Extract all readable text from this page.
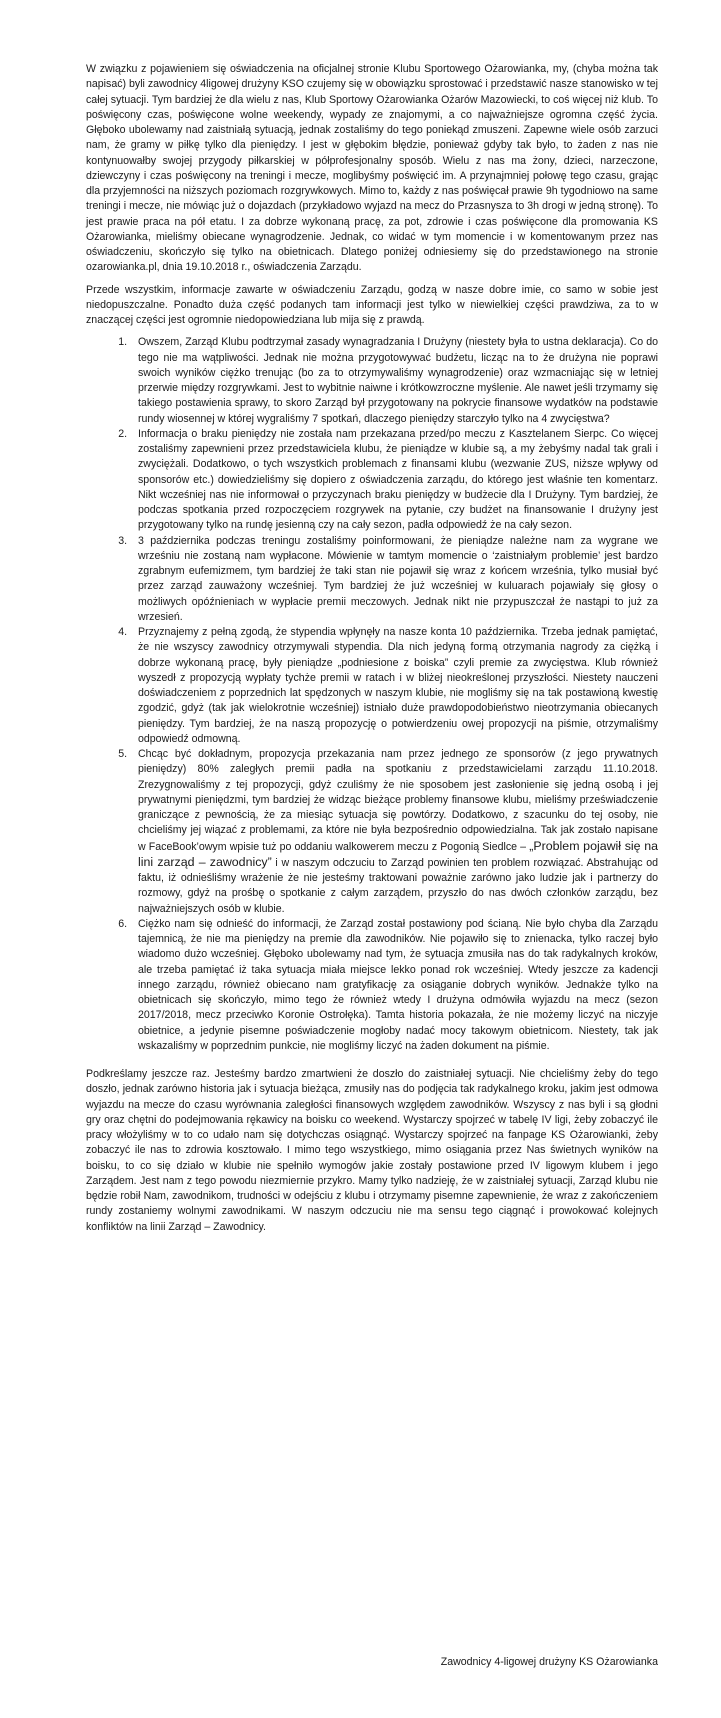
W związku z pojawieniem się oświadczenia na oficjalnej stronie Klubu Sportowego Ożarowianka, my, (chyba można tak napisać) byli zawodnicy 4ligowej drużyny KSO czujemy się w obowiązku sprostować i przedstawić nasze stanowisko w tej całej sytuacji. Tym bardziej że dla wielu z nas, Klub Sportowy Ożarowianka Ożarów Mazowiecki, to coś więcej niż klub. To poświęcony czas, poświęcone wolne weekendy, wypady ze znajomymi, a co najważniejsze ogromna część życia. Głęboko ubolewamy nad zaistniałą sytuacją, jednak zostaliśmy do tego poniekąd zmuszeni. Zapewne wiele osób zarzuci nam, że gramy w piłkę tylko dla pieniędzy. I jest w głębokim błędzie, ponieważ gdyby tak było, to żaden z nas nie kontynuowałby swojej przygody piłkarskiej w półprofesjonalny sposób. Wielu z nas ma żony, dzieci, narzeczone, dziewczyny i czas poświęcony na treningi i mecze, moglibyśmy poświęcić im. A przynajmniej połowę tego czasu, grając dla przyjemności na niższych poziomach rozgrywkowych. Mimo to, każdy z nas poświęcał prawie 9h tygodniowo na same treningi i mecze, nie mówiąc już o dojazdach (przykładowo wyjazd na mecz do Przasnysza to 3h drogi w jedną stronę). To jest prawie praca na pół etatu. I za dobrze wykonaną pracę, za pot, zdrowie i czas poświęcone dla promowania KS Ożarowianka, mieliśmy obiecane wynagrodzenie. Jednak, co widać w tym momencie i w komentowanym przez nas oświadczeniu, skończyło się tylko na obietnicach. Dlatego poniżej odniesiemy się do przedstawionego na stronie ozarowianka.pl, dnia 19.10.2018 r., oświadczenia Zarządu.

Przede wszystkim, informacje zawarte w oświadczeniu Zarządu, godzą w nasze dobre imie, co samo w sobie jest niedopuszczalne. Ponadto duża część podanych tam informacji jest tylko w niewielkiej części prawdziwa, za to w znaczącej części jest ogromnie niedopowiedziana lub mija się z prawdą.

1. Owszem, Zarząd Klubu podtrzymał zasady wynagradzania I Drużyny (niestety była to ustna deklaracja). Co do tego nie ma wątpliwości. Jednak nie można przygotowywać budżetu, licząc na to że drużyna nie poprawi swoich wyników ciężko trenując (bo za to otrzymywaliśmy wynagrodzenie) oraz wzmacniając się w letniej przerwie między rozgrywkami. Jest to wybitnie naiwne i krótkowzroczne myślenie. Ale nawet jeśli trzymamy się takiego postawienia sprawy, to skoro Zarząd był przygotowany na pokrycie finansowe wydatków na podstawie rundy wiosennej w której wygraliśmy 7 spotkań, dlaczego pieniędzy starczyło tylko na 4 zwycięstwa?
2. Informacja o braku pieniędzy nie została nam przekazana przed/po meczu z Kasztelanem Sierpc. Co więcej zostaliśmy zapewnieni przez przedstawiciela klubu, że pieniądze w klubie są, a my żebyśmy nadal tak grali i zwyciężali. Dodatkowo, o tych wszystkich problemach z finansami klubu (wezwanie ZUS, niższe wpływy od sponsorów etc.) dowiedzieliśmy się dopiero z oświadczenia zarządu, do którego jest właśnie ten komentarz. Nikt wcześniej nas nie informował o przyczynach braku pieniędzy w budżecie dla I Drużyny. Tym bardziej, że podczas spotkania przed rozpoczęciem rozgrywek na pytanie, czy budżet na finansowanie I drużyny jest przygotowany tylko na rundę jesienną czy na cały sezon, padła odpowiedź że na cały sezon.
3. 3 października podczas treningu zostaliśmy poinformowani, że pieniądze należne nam za wygrane we wrześniu nie zostaną nam wypłacone. Mówienie w tamtym momencie o ‘zaistniałym problemie’ jest bardzo zgrabnym eufemizmem, tym bardziej że taki stan nie pojawił się wraz z końcem września, tylko musiał być przez zarząd zauważony wcześniej. Tym bardziej że już wcześniej w kuluarach pojawiały się głosy o możliwych opóźnieniach w wypłacie premii meczowych. Jednak nikt nie przypuszczał że nastąpi to już za wrzesień.
4. Przyznajemy z pełną zgodą, że stypendia wpłynęły na nasze konta 10 października. Trzeba jednak pamiętać, że nie wszyscy zawodnicy otrzymywali stypendia. Dla nich jedyną formą otrzymania nagrody za ciężką i dobrze wykonaną pracę, były pieniądze „podniesione z boiska” czyli premie za zwycięstwa. Klub również wyszedł z propozycją wypłaty tychże premii w ratach i w bliżej nieokreślonej przyszłości. Niestety nauczeni doświadczeniem z poprzednich lat spędzonych w naszym klubie, nie mogliśmy się na tak postawioną kwestię zgodzić, gdyż (tak jak wielokrotnie wcześniej) istniało duże prawdopodobieństwo nieotrzymania obiecanych pieniędzy. Tym bardziej, że na naszą propozycję o potwierdzeniu owej propozycji na piśmie, otrzymaliśmy odpowiedź odmowną.
5. Chcąc być dokładnym, propozycja przekazania nam przez jednego ze sponsorów (z jego prywatnych pieniędzy) 80% zaległych premii padła na spotkaniu z przedstawicielami zarządu 11.10.2018. Zrezygnowaliśmy z tej propozycji, gdyż czuliśmy że nie sposobem jest zasłonienie się jedną osobą i jej prywatnymi pieniędzmi, tym bardziej że widząc bieżące problemy finansowe klubu, mieliśmy przeświadczenie graniczące z pewnością, że za miesiąc sytuacja się powtórzy. Dodatkowo, z szacunku do tej osoby, nie chcieliśmy jej wiązać z problemami, za które nie była bezpośrednio odpowiedzialna. Tak jak zostało napisane w FaceBook’owym wpisie tuż po oddaniu walkowerem meczu z Pogonią Siedlce – „Problem pojawił się na lini zarząd – zawodnicy” i w naszym odczuciu to Zarząd powinien ten problem rozwiązać. Abstrahując od faktu, iż odnieśliśmy wrażenie że nie jesteśmy traktowani poważnie zarówno jako ludzie jak i partnerzy do rozmowy, gdyż na prośbę o spotkanie z całym zarządem, przyszło do nas dwóch członków zarządu, bez najważniejszych osób w klubie.
6. Ciężko nam się odnieść do informacji, że Zarząd został postawiony pod ścianą. Nie było chyba dla Zarządu tajemnicą, że nie ma pieniędzy na premie dla zawodników. Nie pojawiło się to znienacka, tylko raczej było wiadomo dużo wcześniej. Głęboko ubolewamy nad tym, że sytuacja zmusiła nas do tak radykalnych kroków, ale trzeba pamiętać iż taka sytuacja miała miejsce lekko ponad rok wcześniej. Wtedy jeszcze za kadencji innego zarządu, również obiecano nam gratyfikację za osiąganie dobrych wyników. Jednakże tylko na obietnicach się skończyło, mimo tego że również wtedy I drużyna odmówiła wyjazdu na mecz (sezon 2017/2018, mecz przeciwko Koronie Ostrołęka). Tamta historia pokazała, że nie możemy liczyć na niczyje obietnice, a jedynie pisemne poświadczenie mogłoby nadać mocy takowym obietnicom. Niestety, tak jak wskazaliśmy w poprzednim punkcie, nie mogliśmy liczyć na żaden dokument na piśmie.

Podkreślamy jeszcze raz. Jesteśmy bardzo zmartwieni że doszło do zaistniałej sytuacji. Nie chcieliśmy żeby do tego doszło, jednak zarówno historia jak i sytuacja bieżąca, zmusiły nas do podjęcia tak radykalnego kroku, jakim jest odmowa wyjazdu na mecze do czasu wyrównania zaległości finansowych względem zawodników. Wszyscy z nas byli i są głodni gry oraz chętni do podejmowania rękawicy na boisku co weekend. Wystarczy spojrzeć w tabelę IV ligi, żeby zobaczyć ile pracy włożyliśmy w to co udało nam się dotychczas osiągnąć. Wystarczy spojrzeć na fanpage KS Ożarowianki, żeby zobaczyć ile nas to zdrowia kosztowało. I mimo tego wszystkiego, mimo osiągania przez Nas świetnych wyników na boisku, to co się działo w klubie nie spełniło wymogów jakie zostały postawione przed IV ligowym klubem i jego Zarządem. Jest nam z tego powodu niezmiernie przykro. Mamy tylko nadzieję, że w zaistniałej sytuacji, Zarząd klubu nie będzie robił Nam, zawodnikom, trudności w odejściu z klubu i otrzymamy pisemne zapewnienie, że wraz z zakończeniem rundy zostaniemy wolnymi zawodnikami. W naszym odczuciu nie ma sensu tego ciągnąć i prowokować kolejnych konfliktów na linii Zarząd – Zawodnicy.

Zawodnicy 4-ligowej drużyny KS Ożarowianka
